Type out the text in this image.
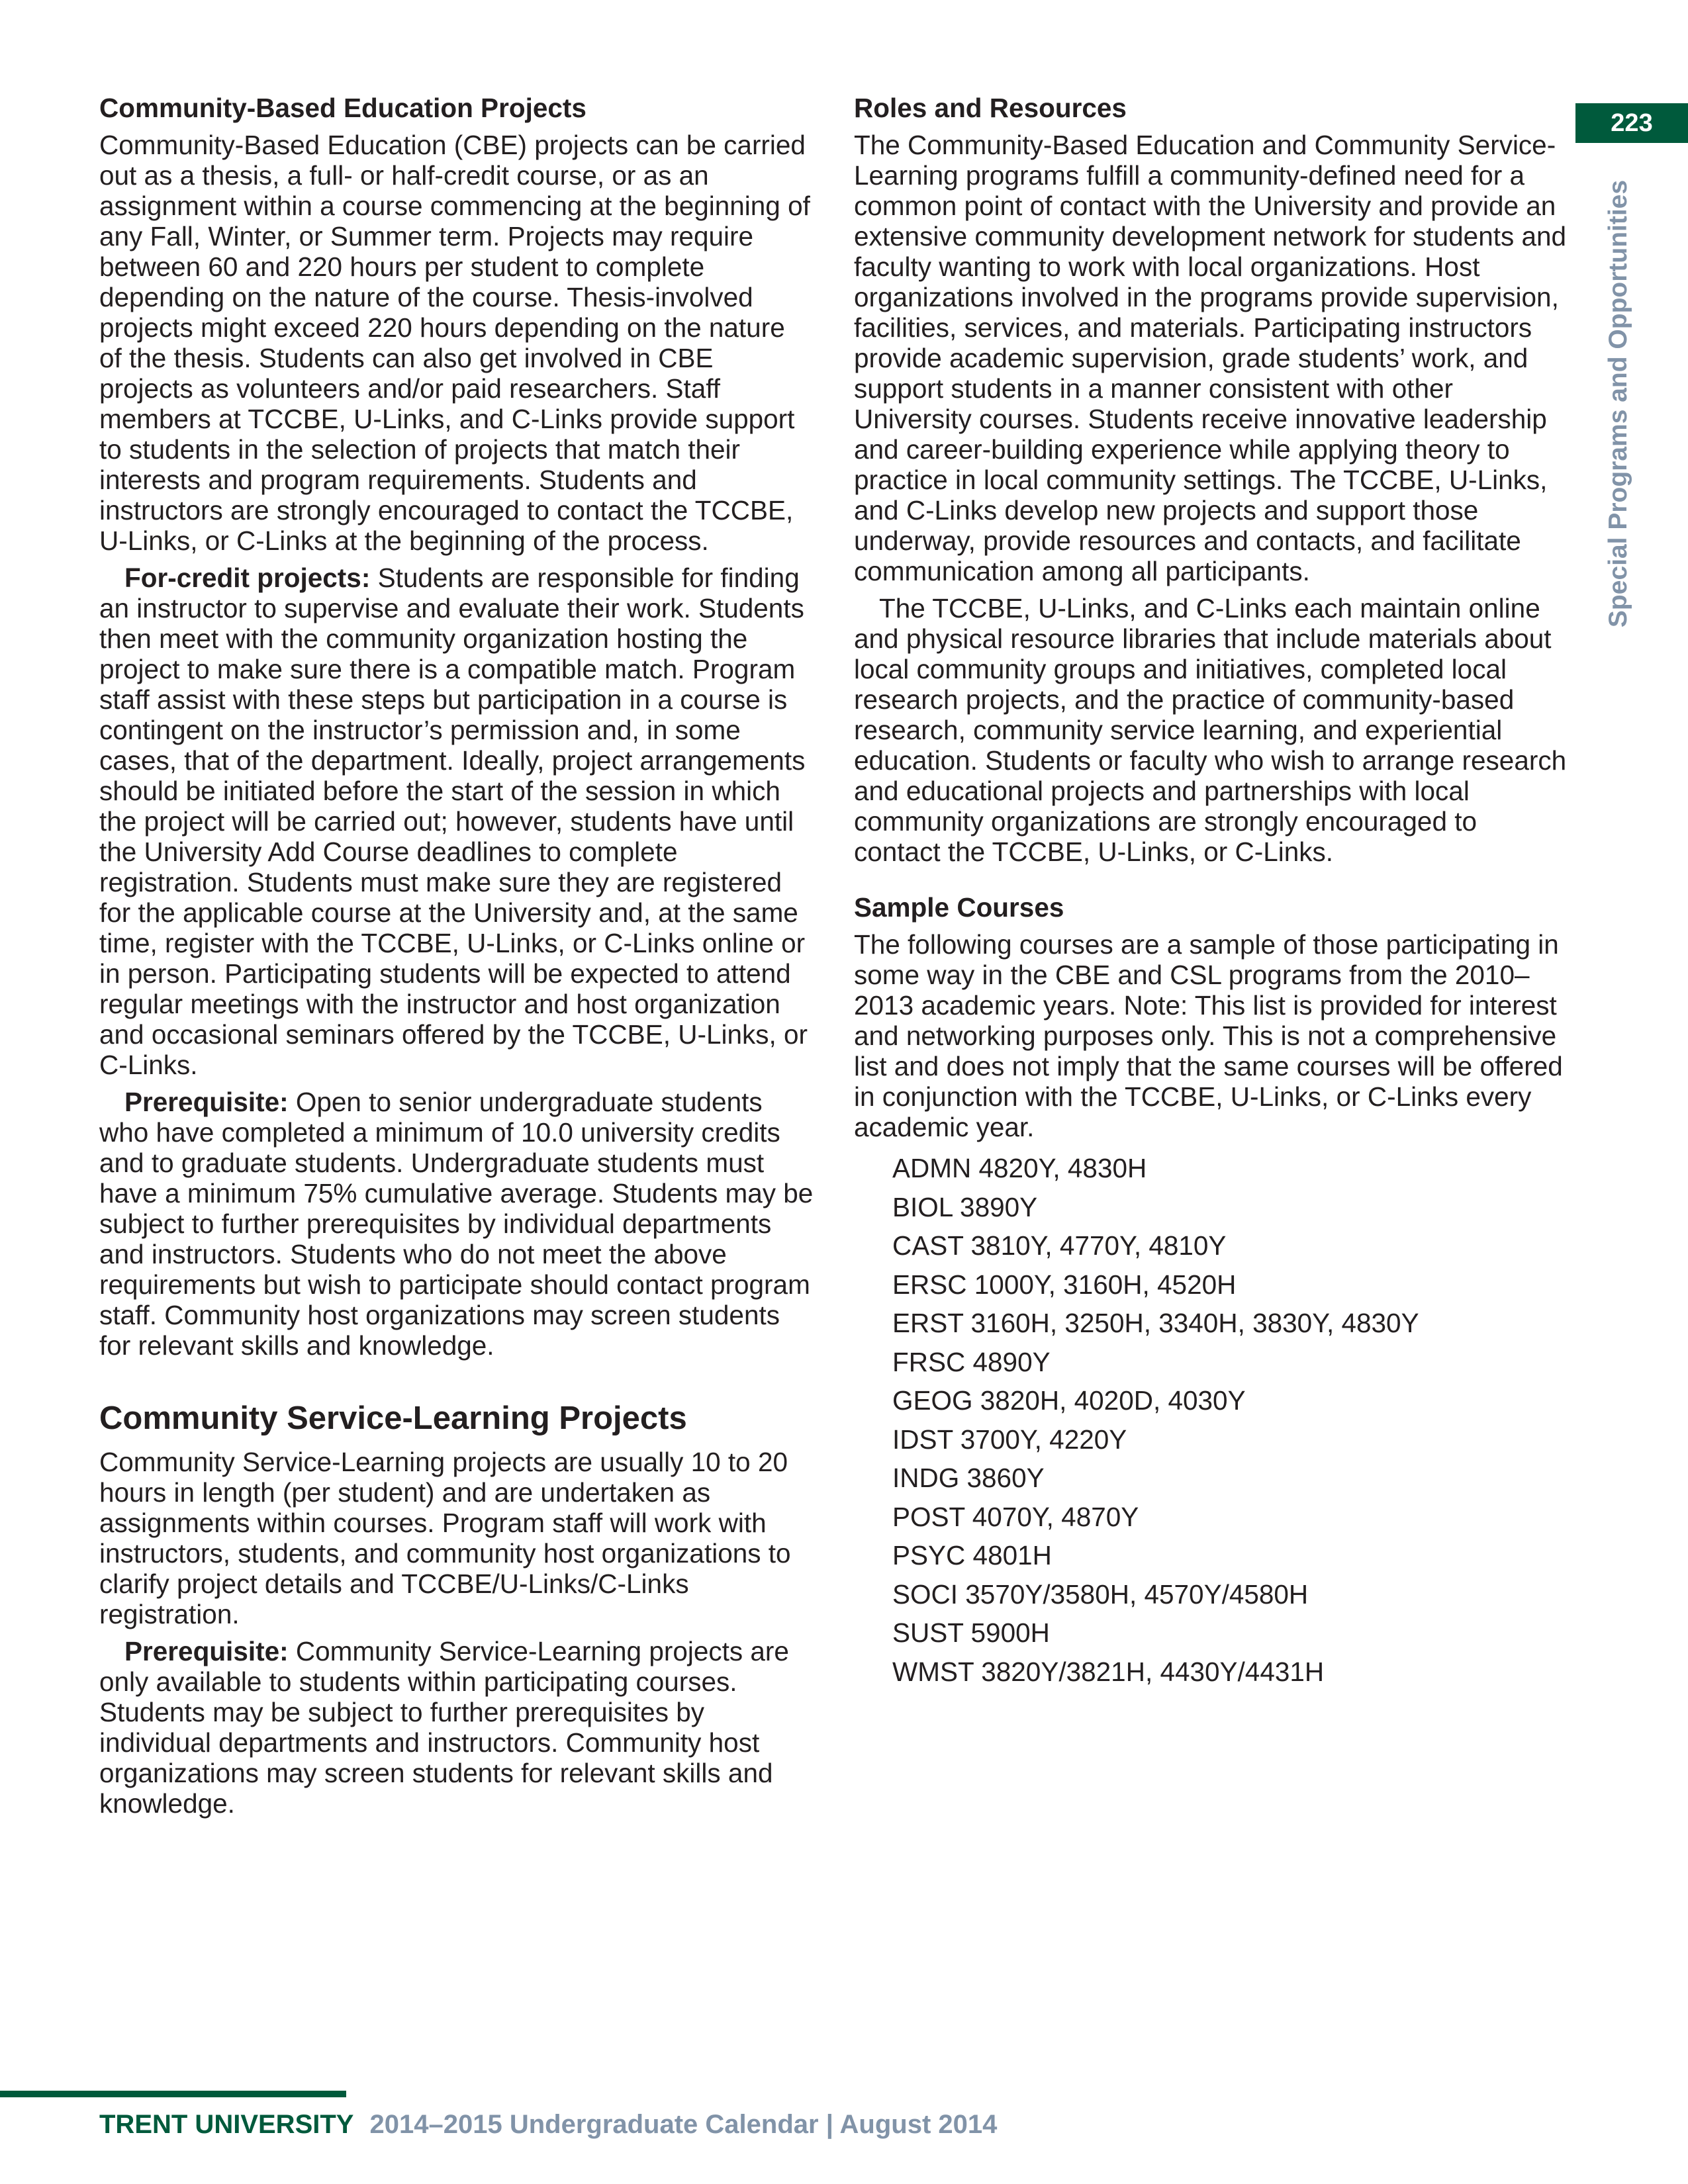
Community-Based Education Projects

Community-Based Education (CBE) projects can be carried out as a thesis, a full- or half-credit course, or as an assignment within a course commencing at the beginning of any Fall, Winter, or Summer term. Projects may require between 60 and 220 hours per student to complete depending on the nature of the course. Thesis-involved projects might exceed 220 hours depending on the nature of the thesis. Students can also get involved in CBE projects as volunteers and/or paid researchers. Staff members at TCCBE, U-Links, and C-Links provide support to students in the selection of projects that match their interests and program requirements. Students and instructors are strongly encouraged to contact the TCCBE, U-Links, or C-Links at the beginning of the process.

For-credit projects: Students are responsible for finding an instructor to supervise and evaluate their work. Students then meet with the community organization hosting the project to make sure there is a compatible match. Program staff assist with these steps but participation in a course is contingent on the instructor’s permission and, in some cases, that of the department. Ideally, project arrangements should be initiated before the start of the session in which the project will be carried out; however, students have until the University Add Course deadlines to complete registration. Students must make sure they are registered for the applicable course at the University and, at the same time, register with the TCCBE, U-Links, or C-Links online or in person. Participating students will be expected to attend regular meetings with the instructor and host organization and occasional seminars offered by the TCCBE, U-Links, or C-Links.

Prerequisite: Open to senior undergraduate students who have completed a minimum of 10.0 university credits and to graduate students. Undergraduate students must have a minimum 75% cumulative average. Students may be subject to further prerequisites by individual departments and instructors. Students who do not meet the above requirements but wish to participate should contact program staff. Community host organizations may screen students for relevant skills and knowledge.

Community Service-Learning Projects

Community Service-Learning projects are usually 10 to 20 hours in length (per student) and are undertaken as assignments within courses. Program staff will work with instructors, students, and community host organizations to clarify project details and TCCBE/U-Links/C-Links registration.

Prerequisite: Community Service-Learning projects are only available to students within participating courses. Students may be subject to further prerequisites by individual departments and instructors. Community host organizations may screen students for relevant skills and knowledge.

Roles and Resources

The Community-Based Education and Community Service-Learning programs fulfill a community-defined need for a common point of contact with the University and provide an extensive community development network for students and faculty wanting to work with local organizations. Host organizations involved in the programs provide supervision, facilities, services, and materials. Participating instructors provide academic supervision, grade students’ work, and support students in a manner consistent with other University courses. Students receive innovative leadership and career-building experience while applying theory to practice in local community settings. The TCCBE, U-Links, and C-Links develop new projects and support those underway, provide resources and contacts, and facilitate communication among all participants.

The TCCBE, U-Links, and C-Links each maintain online and physical resource libraries that include materials about local community groups and initiatives, completed local research projects, and the practice of community-based research, community service learning, and experiential education. Students or faculty who wish to arrange research and educational projects and partnerships with local community organizations are strongly encouraged to contact the TCCBE, U-Links, or C-Links.

Sample Courses

The following courses are a sample of those participating in some way in the CBE and CSL programs from the 2010–2013 academic years. Note: This list is provided for interest and networking purposes only. This is not a comprehensive list and does not imply that the same courses will be offered in conjunction with the TCCBE, U-Links, or C-Links every academic year.

ADMN 4820Y, 4830H
BIOL 3890Y
CAST 3810Y, 4770Y, 4810Y
ERSC 1000Y, 3160H, 4520H
ERST 3160H, 3250H, 3340H, 3830Y, 4830Y
FRSC 4890Y
GEOG 3820H, 4020D, 4030Y
IDST 3700Y, 4220Y
INDG 3860Y
POST 4070Y, 4870Y
PSYC 4801H
SOCI 3570Y/3580H, 4570Y/4580H
SUST 5900H
WMST 3820Y/3821H, 4430Y/4431H
223
Special Programs and Opportunities
TRENT UNIVERSITY 2014–2015 Undergraduate Calendar | August 2014
